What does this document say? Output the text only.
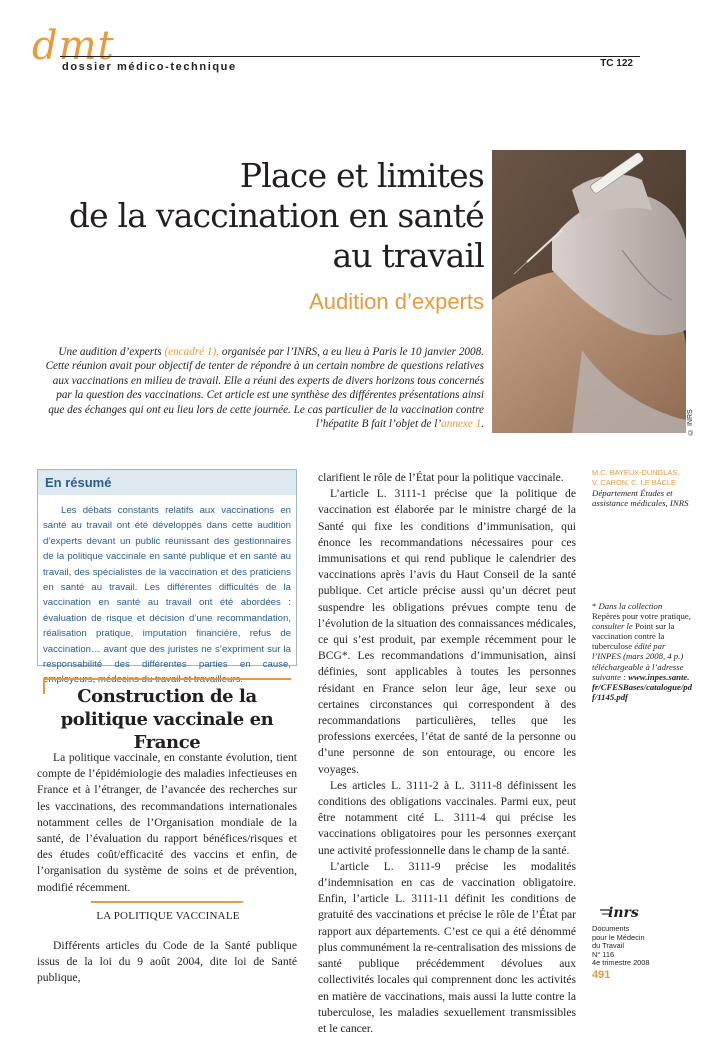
dmt
dossier médico-technique	TC 122
© INRS
Place et limites
de la vaccination en santé
au travail
Audition d’experts

Une audition d’experts (encadré 1), organisée par l’INRS, a eu lieu à Paris le 10 janvier 2008. Cette réunion avait pour objectif de tenter de répondre à un certain nombre de questions relatives aux vaccinations en milieu de travail. Elle a réuni des experts de divers horizons tous concernés par la question des vaccinations. Cet article est une synthèse des différentes présentations ainsi que des échanges qui ont eu lieu lors de cette journée. Le cas particulier de la vaccination contre l’hépatite B fait l’objet de l’annexe 1.

En résumé

Les débats constants relatifs aux vaccinations en santé au travail ont été développés dans cette audition d’experts devant un public réunissant des gestionnaires de la politique vaccinale en santé publique et en santé au travail, des spécialistes de la vaccination et des praticiens en santé au travail. Les différentes difficultés de la vaccination en santé au travail ont été abordées : évaluation de risque et décision d’une recommandation, réalisation pratique, imputation financière, refus de vaccination… avant que des juristes ne s’expriment sur la responsabilité des différentes parties en cause, employeurs, médecins du travail et travailleurs.

Construction de la politique vaccinale en France

La politique vaccinale, en constante évolution, tient compte de l’épidémiologie des maladies infectieuses en France et à l’étranger, de l’avancée des recherches sur les vaccinations, des recommandations internationales notamment celles de l’Organisation mondiale de la santé, de l’évaluation du rapport bénéfices/risques et des études coût/efficacité des vaccins et enfin, de l’organisation du système de soins et de prévention, modifié récemment.

LA POLITIQUE VACCINALE

Différents articles du Code de la Santé publique issus de la loi du 9 août 2004, dite loi de Santé publique,

clarifient le rôle de l’État pour la politique vaccinale.

L’article L. 3111-1 précise que la politique de vaccination est élaborée par le ministre chargé de la Santé qui fixe les conditions d’immunisation, qui énonce les recommandations nécessaires pour ces immunisations et qui rend publique le calendrier des vaccinations après l’avis du Haut Conseil de la santé publique. Cet article précise aussi qu’un décret peut suspendre les obligations prévues compte tenu de l’évolution de la situation des connaissances médicales, ce qui s’est produit, par exemple récemment pour le BCG*. Les recommandations d’immunisation, ainsi définies, sont applicables à toutes les personnes résidant en France selon leur âge, leur sexe ou certaines circonstances qui correspondent à des recommandations particulières, telles que les professions exercées, l’état de santé de la personne ou d’une personne de son entourage, ou encore les voyages.

Les articles L. 3111-2 à L. 3111-8 définissent les conditions des obligations vaccinales. Parmi eux, peut être notamment cité L. 3111-4 qui précise les vaccinations obligatoires pour les personnes exerçant une activité professionnelle dans le champ de la santé.

L’article L. 3111-9 précise les modalités d’indemnisation en cas de vaccination obligatoire. Enfin, l’article L. 3111-11 définit les conditions de gratuité des vaccinations et précise le rôle de l’État par rapport aux départements. C’est ce qui a été dénommé plus communément la re-centralisation des missions de santé publique précédemment dévolues aux collectivités locales qui comprennent donc les activités en matière de vaccinations, mais aussi la lutte contre la tuberculose, les maladies sexuellement transmissibles et le cancer.

M.C. BAYEUX-DUNGLAS,
V. CARON, C. LE BÂCLE
Département Études et
assistance médicales, INRS
* Dans la collection Repères pour votre pratique, consulter le Point sur la vaccination contre la tuberculose édité par l’INPES (mars 2008, 4 p.) téléchargeable à l’adresse suivante : www.inpes.sante.fr/CFESBases/catalogue/pdf/1145.pdf
inrs
Documents
pour le Médecin
du Travail
N° 116
4e trimestre 2008
491
